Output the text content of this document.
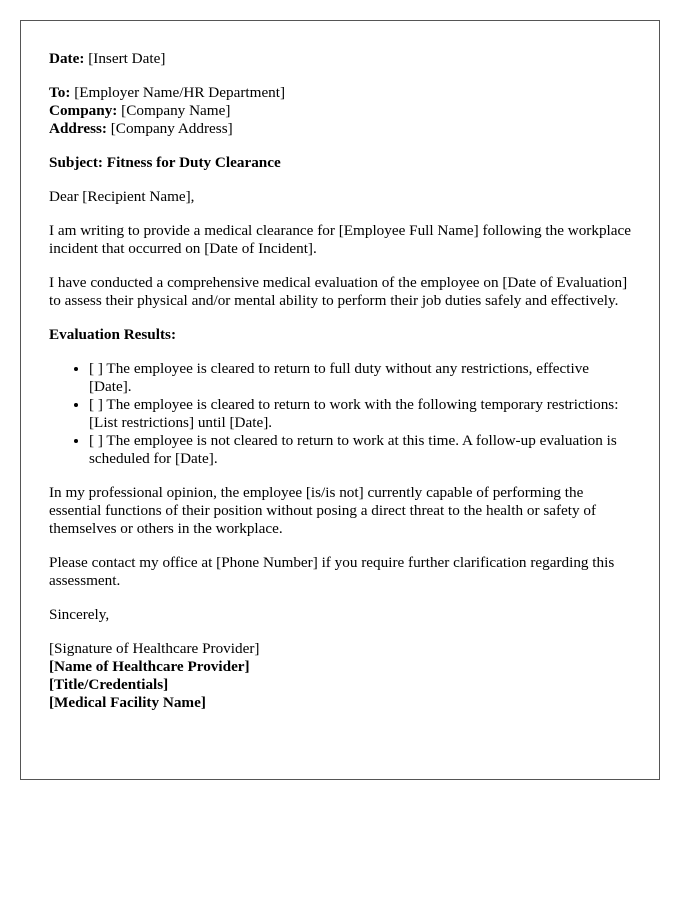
Date: [Insert Date]

To: [Employer Name/HR Department]

Company: [Company Name]

Address: [Company Address]

Subject: Fitness for Duty Clearance

Dear [Recipient Name],

I am writing to provide a medical clearance for [Employee Full Name] following the workplace incident that occurred on [Date of Incident].

I have conducted a comprehensive medical evaluation of the employee on [Date of Evaluation] to assess their physical and/or mental ability to perform their job duties safely and effectively.

Evaluation Results:

• [ ] The employee is cleared to return to full duty without any restrictions, effective [Date].
• [ ] The employee is cleared to return to work with the following temporary restrictions: [List restrictions] until [Date].
• [ ] The employee is not cleared to return to work at this time. A follow-up evaluation is scheduled for [Date].

In my professional opinion, the employee [is/is not] currently capable of performing the essential functions of their position without posing a direct threat to the health or safety of themselves or others in the workplace.

Please contact my office at [Phone Number] if you require further clarification regarding this assessment.

Sincerely,

[Signature of Healthcare Provider]

[Name of Healthcare Provider]

[Title/Credentials]

[Medical Facility Name]
